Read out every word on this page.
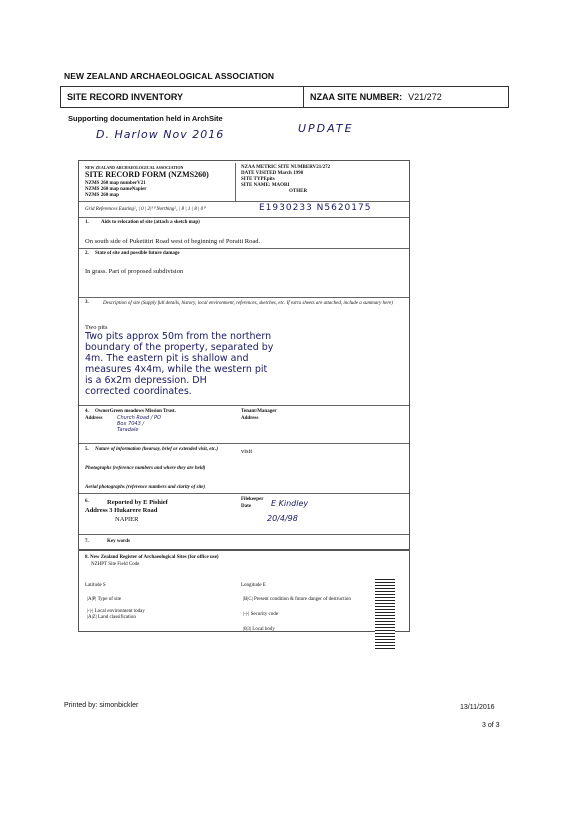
NEW ZEALAND ARCHAEOLOGICAL ASSOCIATION
SITE RECORD INVENTORY	NZAA SITE NUMBER: V21/272
Supporting documentation held in ArchSite
D. Harlow Nov 2016	UPDATE
NEW ZEALAND ARCHAEOLOGICAL ASSOCIATION
SITE RECORD FORM (NZMS260)
NZMS 260 map numberV21
NZMS 260 map nameNapier
NZMS 260 map
NZAA METRIC SITE NUMBERV21/272
DATE VISITED March 1998
SITE TYPEpits
SITE NAME: MAORI
OTHER
Grid References Easting²₁ | 0 | 2|⁵⁰ Northing²₁ | 8 | 1 | 8 | 0⁰	E1930233 N5620175
1. Aids to relocation of site (attach a sketch map)
On south side of Puketitiri Road west of beginning of Poraiti Road.
2. State of site and possible future damage
In grass. Part of proposed subdivision
3.	Description of site (Supply full details, history, local environment, references, sketches, etc. If extra sheets are attached, include a summary here)
Two pits
Two pits approx 50m from the northern
boundary of the property, separated by
4m. The eastern pit is shallow and
measures 4x4m, while the western pit
is a 6x2m depression. DH
corrected coordinates.
4. OwnerGreen meadows Mission Trust.
Address	Church Road / PO Box 7043 / Taradale
Tenant/Manager
Address
5. Nature of information (hearsay, brief or extended visit, etc.)	visit
Photographs (reference numbers and where they are held)
Aerial photographs (reference numbers and clarity of site)
6.	Reported by E Pishief
Address 3 Hukarere Road
NAPIER
Filekeeper
Date	E Kindley
20/4/98
7.	Key words
8. New Zealand Register of Archaeological Sites (for office use)
NZHPT Site Field Code
Latitude S	Longitude E
|A|P| Type of site
|-|-| Local environment today
|A|Z| Land classification
|B|C| Present condition & future danger of destruction
|-|-| Security code
|0|3| Local body
Printed by: simonbickler	13/11/2016
3 of 3
